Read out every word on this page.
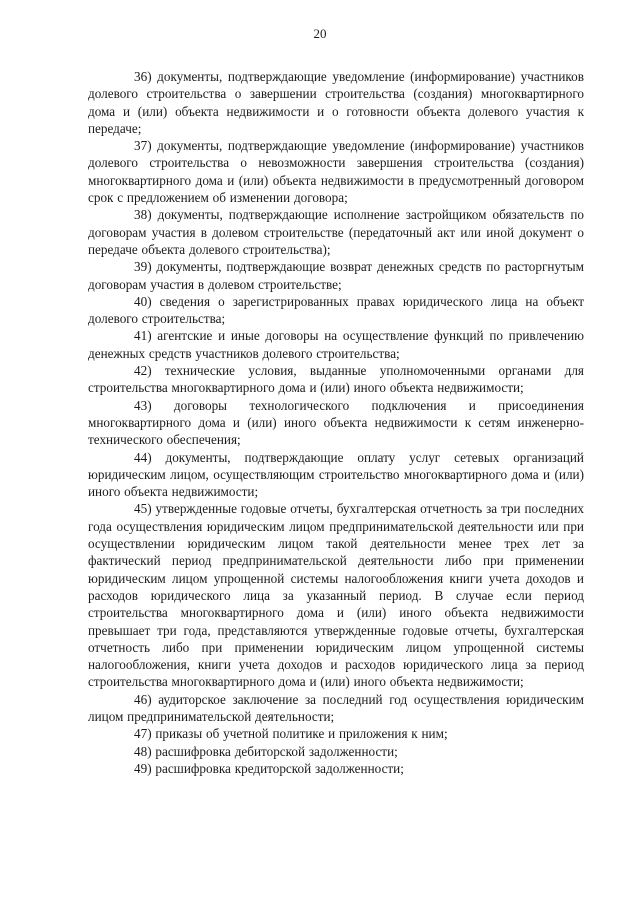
20

36) документы, подтверждающие уведомление (информирование) участников долевого строительства о завершении строительства (создания) многоквартирного дома и (или) объекта недвижимости и о готовности объекта долевого участия к передаче;

37) документы, подтверждающие уведомление (информирование) участников долевого строительства о невозможности завершения строительства (создания) многоквартирного дома и (или) объекта недвижимости в предусмотренный договором срок с предложением об изменении договора;

38) документы, подтверждающие исполнение застройщиком обязательств по договорам участия в долевом строительстве (передаточный акт или иной документ о передаче объекта долевого строительства);

39) документы, подтверждающие возврат денежных средств по расторгнутым договорам участия в долевом строительстве;

40) сведения о зарегистрированных правах юридического лица на объект долевого строительства;

41) агентские и иные договоры на осуществление функций по привлечению денежных средств участников долевого строительства;

42) технические условия, выданные уполномоченными органами для строительства многоквартирного дома и (или) иного объекта недвижимости;

43) договоры технологического подключения и присоединения многоквартирного дома и (или) иного объекта недвижимости к сетям инженерно-технического обеспечения;

44) документы, подтверждающие оплату услуг сетевых организаций юридическим лицом, осуществляющим строительство многоквартирного дома и (или) иного объекта недвижимости;

45) утвержденные годовые отчеты, бухгалтерская отчетность за три последних года осуществления юридическим лицом предпринимательской деятельности или при осуществлении юридическим лицом такой деятельности менее трех лет за фактический период предпринимательской деятельности либо при применении юридическим лицом упрощенной системы налогообложения книги учета доходов и расходов юридического лица за указанный период. В случае если период строительства многоквартирного дома и (или) иного объекта недвижимости превышает три года, представляются утвержденные годовые отчеты, бухгалтерская отчетность либо при применении юридическим лицом упрощенной системы налогообложения, книги учета доходов и расходов юридического лица за период строительства многоквартирного дома и (или) иного объекта недвижимости;

46) аудиторское заключение за последний год осуществления юридическим лицом предпринимательской деятельности;

47) приказы об учетной политике и приложения к ним;

48) расшифровка дебиторской задолженности;

49) расшифровка кредиторской задолженности;
